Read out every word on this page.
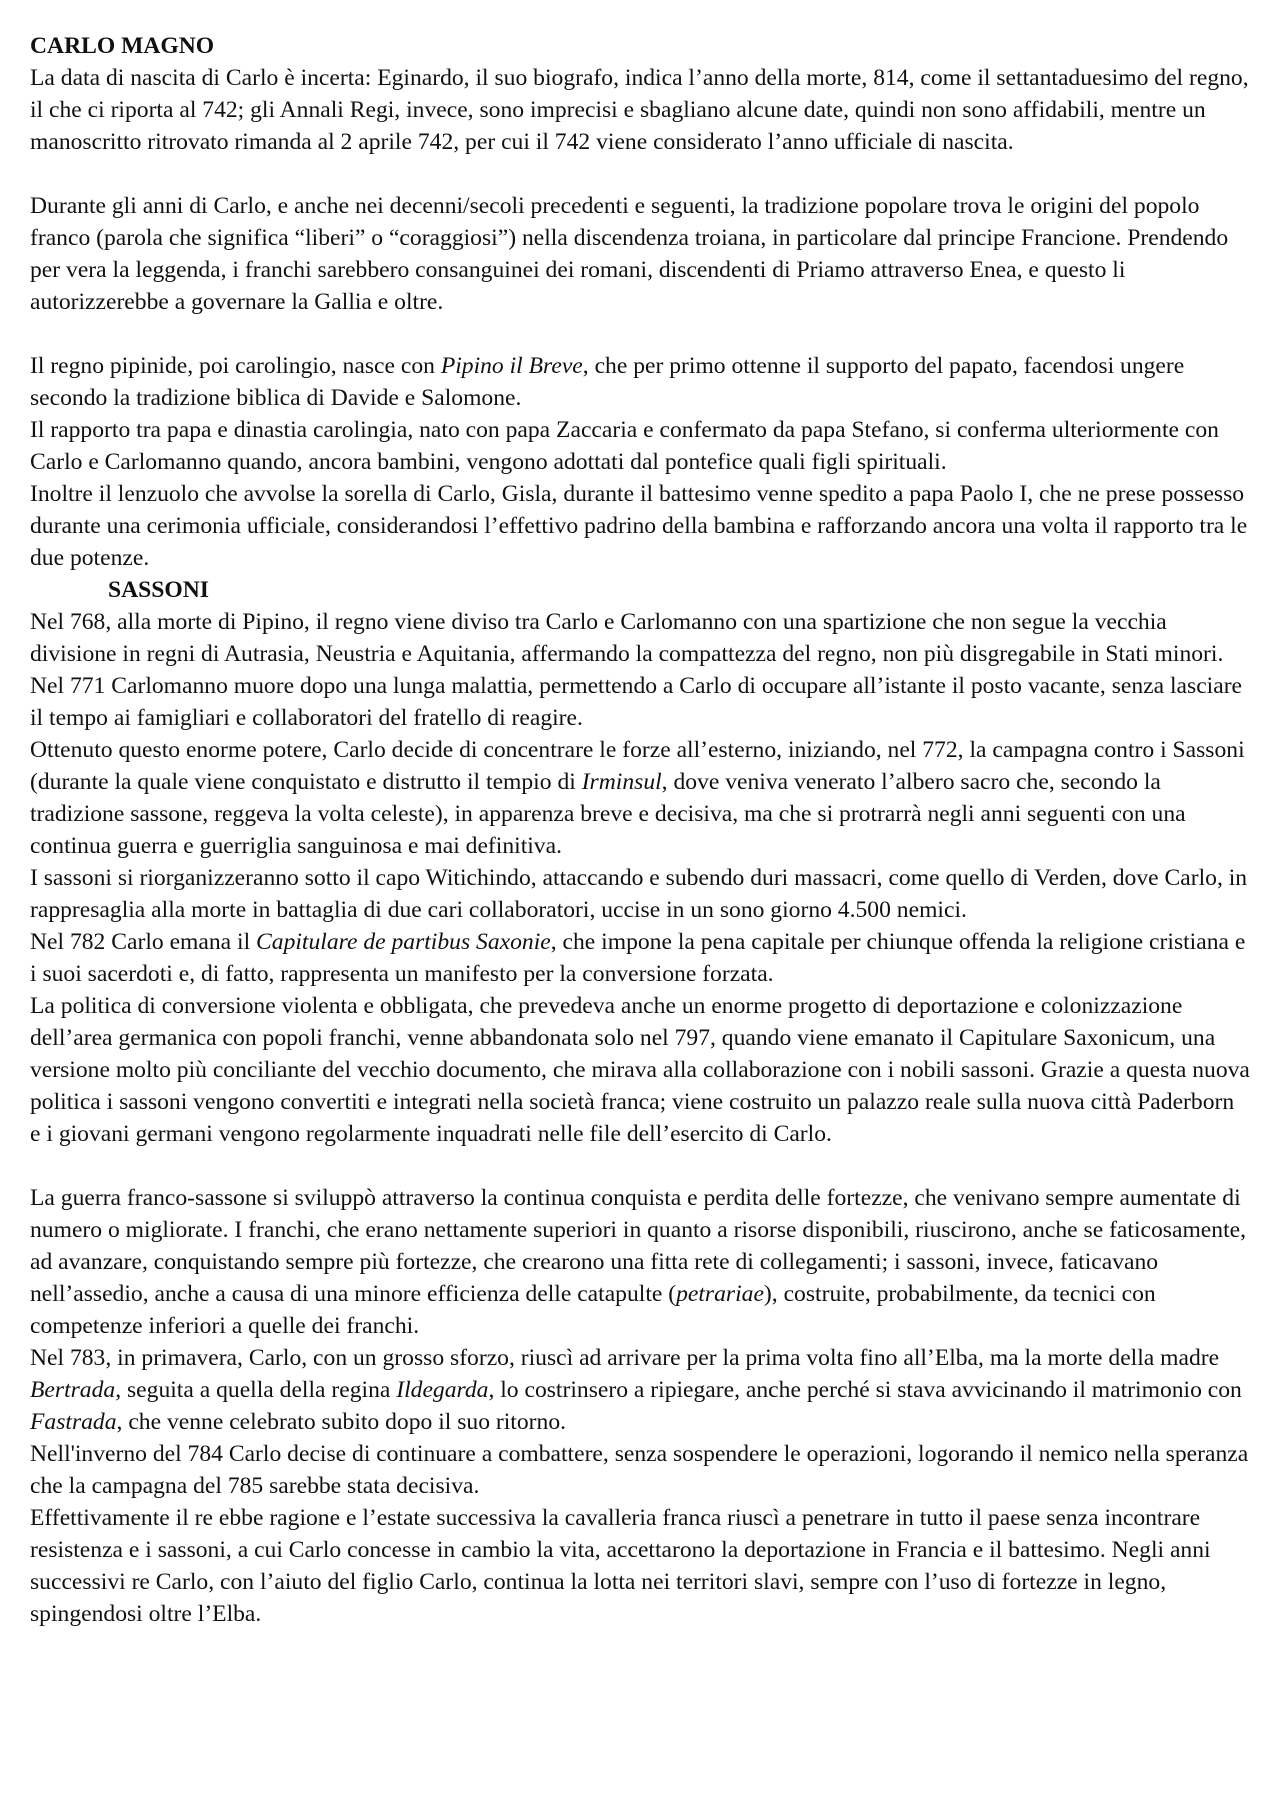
CARLO MAGNO

La data di nascita di Carlo è incerta: Eginardo, il suo biografo, indica l’anno della morte, 814, come il settantaduesimo del regno, il che ci riporta al 742; gli Annali Regi, invece, sono imprecisi e sbagliano alcune date, quindi non sono affidabili, mentre un manoscritto ritrovato rimanda al 2 aprile 742, per cui il 742 viene considerato l’anno ufficiale di nascita.

Durante gli anni di Carlo, e anche nei decenni/secoli precedenti e seguenti, la tradizione popolare trova le origini del popolo franco (parola che significa “liberi” o “coraggiosi”) nella discendenza troiana, in particolare dal principe Francione. Prendendo per vera la leggenda, i franchi sarebbero consanguinei dei romani, discendenti di Priamo attraverso Enea, e questo li autorizzerebbe a governare la Gallia e oltre.

Il regno pipinide, poi carolingio, nasce con Pipino il Breve, che per primo ottenne il supporto del papato, facendosi ungere secondo la tradizione biblica di Davide e Salomone.

Il rapporto tra papa e dinastia carolingia, nato con papa Zaccaria e confermato da papa Stefano, si conferma ulteriormente con Carlo e Carlomanno quando, ancora bambini, vengono adottati dal pontefice quali figli spirituali.

Inoltre il lenzuolo che avvolse la sorella di Carlo, Gisla, durante il battesimo venne spedito a papa Paolo I, che ne prese possesso durante una cerimonia ufficiale, considerandosi l’effettivo padrino della bambina e rafforzando ancora una volta il rapporto tra le due potenze.

SASSONI

Nel 768, alla morte di Pipino, il regno viene diviso tra Carlo e Carlomanno con una spartizione che non segue la vecchia divisione in regni di Autrasia, Neustria e Aquitania, affermando la compattezza del regno, non più disgregabile in Stati minori.

Nel 771 Carlomanno muore dopo una lunga malattia, permettendo a Carlo di occupare all’istante il posto vacante, senza lasciare il tempo ai famigliari e collaboratori del fratello di reagire.

Ottenuto questo enorme potere, Carlo decide di concentrare le forze all’esterno, iniziando, nel 772, la campagna contro i Sassoni (durante la quale viene conquistato e distrutto il tempio di Irminsul, dove veniva venerato l’albero sacro che, secondo la tradizione sassone, reggeva la volta celeste), in apparenza breve e decisiva, ma che si protrarrà negli anni seguenti con una continua guerra e guerriglia sanguinosa e mai definitiva.

I sassoni si riorganizzeranno sotto il capo Witichindo, attaccando e subendo duri massacri, come quello di Verden, dove Carlo, in rappresaglia alla morte in battaglia di due cari collaboratori, uccise in un sono giorno 4.500 nemici.

Nel 782 Carlo emana il Capitulare de partibus Saxonie, che impone la pena capitale per chiunque offenda la religione cristiana e i suoi sacerdoti e, di fatto, rappresenta un manifesto per la conversione forzata.

La politica di conversione violenta e obbligata, che prevedeva anche un enorme progetto di deportazione e colonizzazione dell’area germanica con popoli franchi, venne abbandonata solo nel 797, quando viene emanato il Capitulare Saxonicum, una versione molto più conciliante del vecchio documento, che mirava alla collaborazione con i nobili sassoni. Grazie a questa nuova politica i sassoni vengono convertiti e integrati nella società franca; viene costruito un palazzo reale sulla nuova città Paderborn e i giovani germani vengono regolarmente inquadrati nelle file dell’esercito di Carlo.

La guerra franco-sassone si sviluppò attraverso la continua conquista e perdita delle fortezze, che venivano sempre aumentate di numero o migliorate. I franchi, che erano nettamente superiori in quanto a risorse disponibili, riuscirono, anche se faticosamente, ad avanzare, conquistando sempre più fortezze, che crearono una fitta rete di collegamenti; i sassoni, invece, faticavano nell’assedio, anche a causa di una minore efficienza delle catapulte (petrariae), costruite, probabilmente, da tecnici con competenze inferiori a quelle dei franchi.

Nel 783, in primavera, Carlo, con un grosso sforzo, riuscì ad arrivare per la prima volta fino all’Elba, ma la morte della madre Bertrada, seguita a quella della regina Ildegarda, lo costrinsero a ripiegare, anche perché si stava avvicinando il matrimonio con Fastrada, che venne celebrato subito dopo il suo ritorno.

Nell'inverno del 784 Carlo decise di continuare a combattere, senza sospendere le operazioni, logorando il nemico nella speranza che la campagna del 785 sarebbe stata decisiva.

Effettivamente il re ebbe ragione e l’estate successiva la cavalleria franca riuscì a penetrare in tutto il paese senza incontrare resistenza e i sassoni, a cui Carlo concesse in cambio la vita, accettarono la deportazione in Francia e il battesimo. Negli anni successivi re Carlo, con l’aiuto del figlio Carlo, continua la lotta nei territori slavi, sempre con l’uso di fortezze in legno, spingendosi oltre l’Elba.
